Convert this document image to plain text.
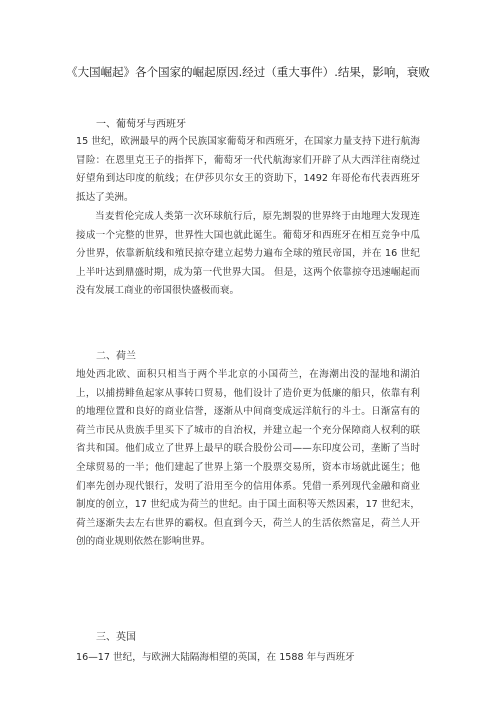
《大国崛起》各个国家的崛起原因.经过（重大事件）.结果，影响，衰败
一、葡萄牙与西班牙

15 世纪，欧洲最早的两个民族国家葡萄牙和西班牙，在国家力量支持下进行航海冒险：在恩里克王子的指挥下，葡萄牙一代代航海家们开辟了从大西洋往南绕过好望角到达印度的航线；在伊莎贝尔女王的资助下，1492 年哥伦布代表西班牙抵达了美洲。

当麦哲伦完成人类第一次环球航行后，原先割裂的世界终于由地理大发现连接成一个完整的世界，世界性大国也就此诞生。葡萄牙和西班牙在相互竞争中瓜分世界，依靠新航线和殖民掠夺建立起势力遍布全球的殖民帝国，并在 16 世纪上半叶达到鼎盛时期，成为第一代世界大国。 但是，这两个依靠掠夺迅速崛起而没有发展工商业的帝国很快盛极而衰。

二、荷兰

地处西北欧、面积只相当于两个半北京的小国荷兰，在海潮出没的湿地和湖泊上，以捕捞鲱鱼起家从事转口贸易，他们设计了造价更为低廉的船只，依靠有利的地理位置和良好的商业信誉，逐渐从中间商变成远洋航行的斗士。日渐富有的荷兰市民从贵族手里买下了城市的自治权，并建立起一个充分保障商人权利的联省共和国。他们成立了世界上最早的联合股份公司——东印度公司，垄断了当时全球贸易的一半；他们建起了世界上第一个股票交易所，资本市场就此诞生；他们率先创办现代银行，发明了沿用至今的信用体系。凭借一系列现代金融和商业制度的创立，17 世纪成为荷兰的世纪。由于国土面积等天然因素，17 世纪末，荷兰逐渐失去左右世界的霸权。但直到今天，荷兰人的生活依然富足，荷兰人开创的商业规则依然在影响世界。

三、英国

16—17 世纪，与欧洲大陆隔海相望的英国，在 1588 年与西班牙
